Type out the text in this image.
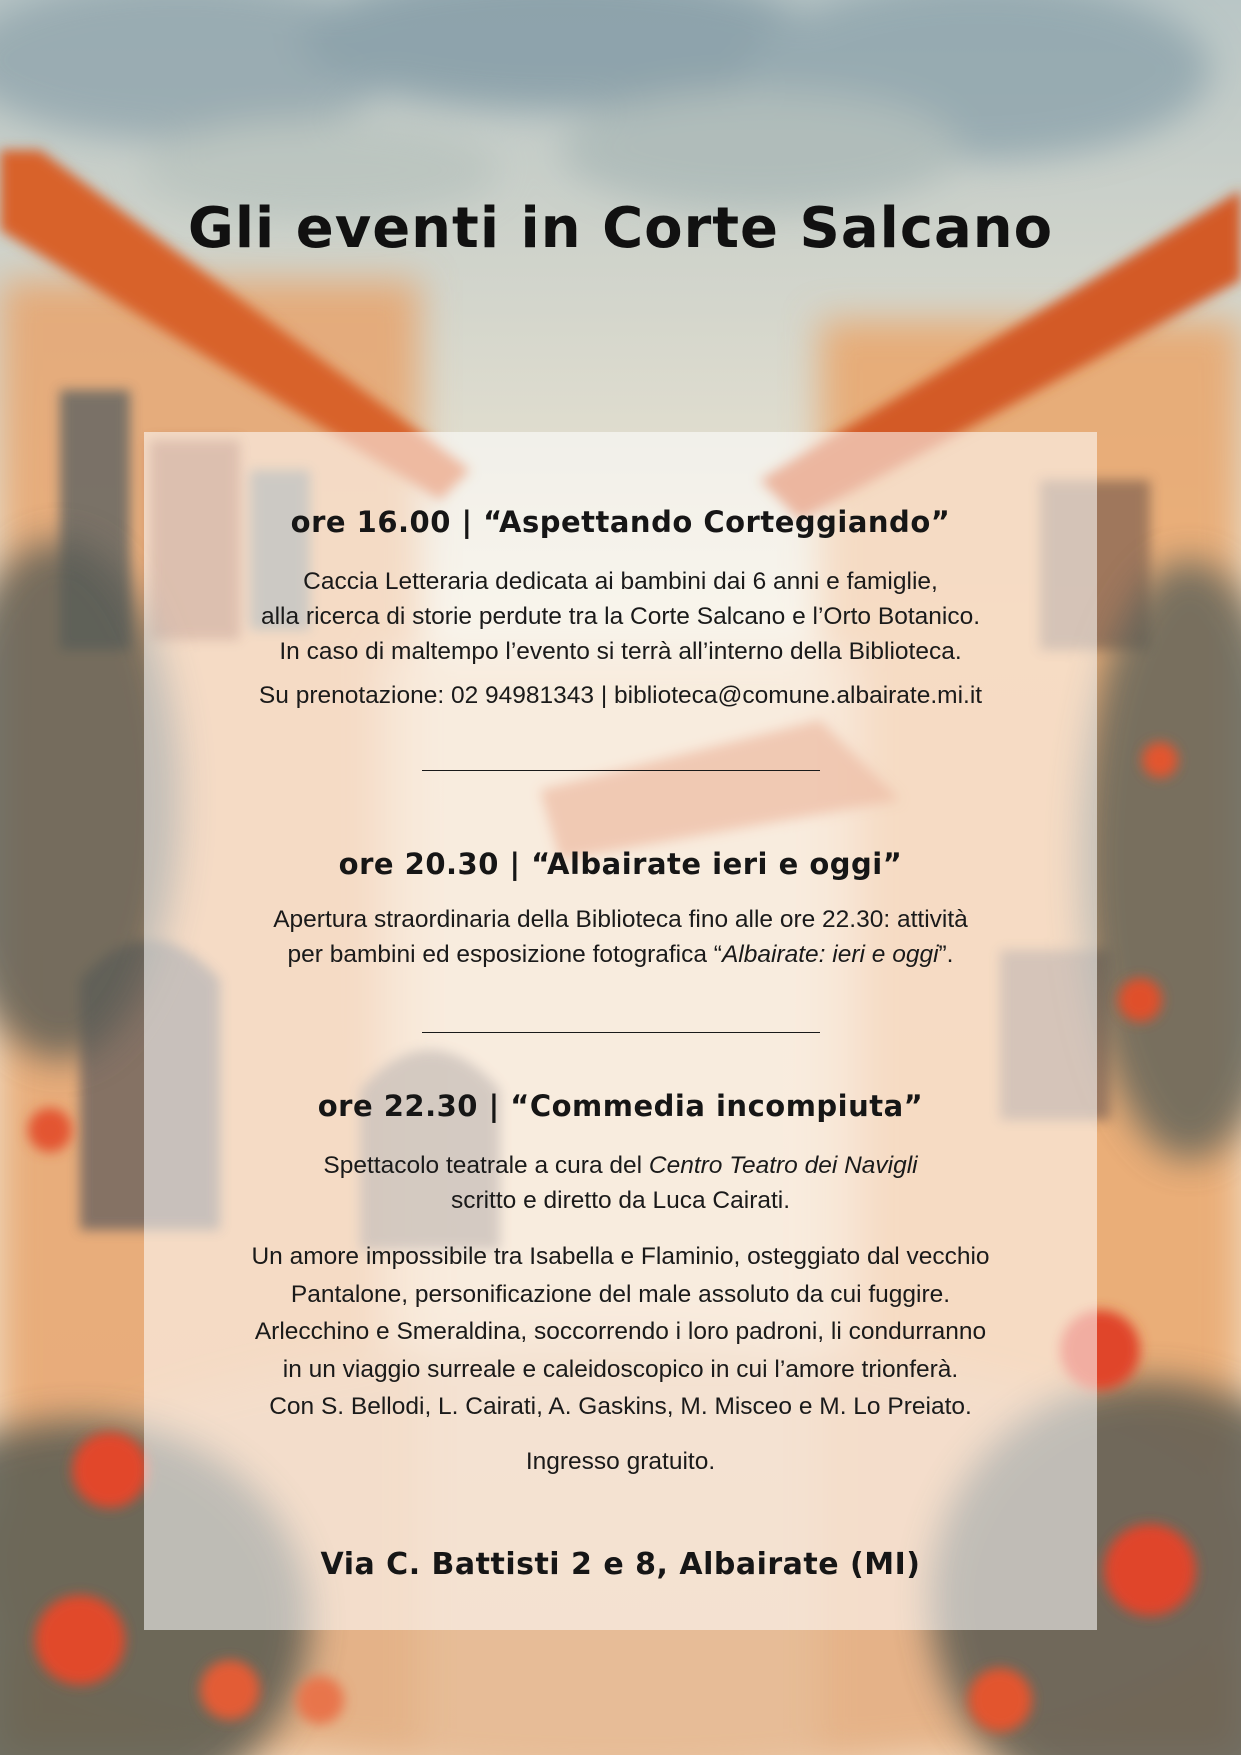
Gli eventi in Corte Salcano
ore 16.00 | “Aspettando Corteggiando”

Caccia Letteraria dedicata ai bambini dai 6 anni e famiglie,
alla ricerca di storie perdute tra la Corte Salcano e l’Orto Botanico.
In caso di maltempo l’evento si terrà all’interno della Biblioteca.

Su prenotazione: 02 94981343 | biblioteca@comune.albairate.mi.it

ore 20.30 | “Albairate ieri e oggi”

Apertura straordinaria della Biblioteca fino alle ore 22.30: attività
per bambini ed esposizione fotografica “Albairate: ieri e oggi”.

ore 22.30 | “Commedia incompiuta”

Spettacolo teatrale a cura del Centro Teatro dei Navigli
scritto e diretto da Luca Cairati.

Un amore impossibile tra Isabella e Flaminio, osteggiato dal vecchio
Pantalone, personificazione del male assoluto da cui fuggire.
Arlecchino e Smeraldina, soccorrendo i loro padroni, li condurranno
in un viaggio surreale e caleidoscopico in cui l’amore trionferà.
Con S. Bellodi, L. Cairati, A. Gaskins, M. Misceo e M. Lo Preiato.

Ingresso gratuito.

Via C. Battisti 2 e 8, Albairate (MI)
